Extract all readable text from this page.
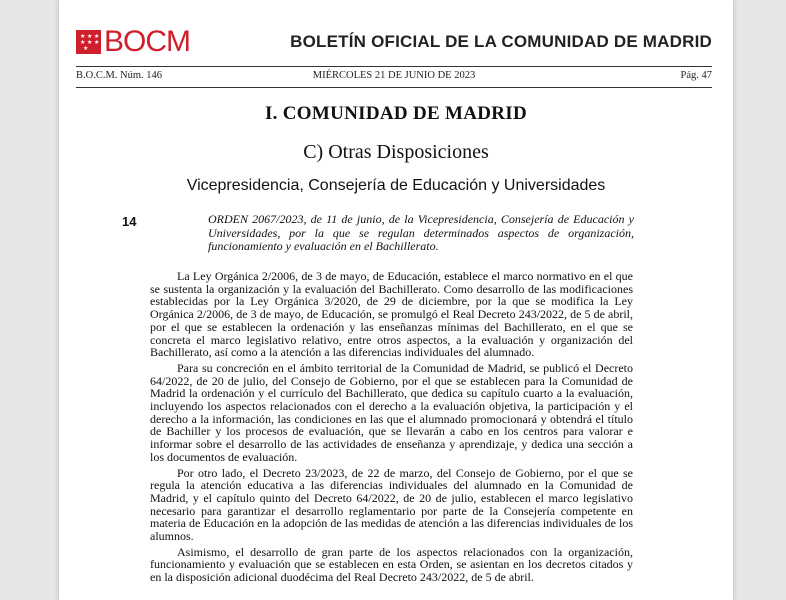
★ ★ ★
★ ★ ★
★ BOCM	BOLETÍN OFICIAL DE LA COMUNIDAD DE MADRID
B.O.C.M. Núm. 146	MIÉRCOLES 21 DE JUNIO DE 2023	Pág. 47
I. COMUNIDAD DE MADRID
C) Otras Disposiciones
Vicepresidencia, Consejería de Educación y Universidades
14	ORDEN 2067/2023, de 11 de junio, de la Vicepresidencia, Consejería de Educación y Universidades, por la que se regulan determinados aspectos de organización, funcionamiento y evaluación en el Bachillerato.

La Ley Orgánica 2/2006, de 3 de mayo, de Educación, establece el marco normativo en el que se sustenta la organización y la evaluación del Bachillerato. Como desarrollo de las modificaciones establecidas por la Ley Orgánica 3/2020, de 29 de diciembre, por la que se modifica la Ley Orgánica 2/2006, de 3 de mayo, de Educación, se promulgó el Real Decreto 243/2022, de 5 de abril, por el que se establecen la ordenación y las enseñanzas mínimas del Bachillerato, en el que se concreta el marco legislativo relativo, entre otros aspectos, a la evaluación y organización del Bachillerato, así como a la atención a las diferencias individuales del alumnado.

Para su concreción en el ámbito territorial de la Comunidad de Madrid, se publicó el Decreto 64/2022, de 20 de julio, del Consejo de Gobierno, por el que se establecen para la Comunidad de Madrid la ordenación y el currículo del Bachillerato, que dedica su capítulo cuarto a la evaluación, incluyendo los aspectos relacionados con el derecho a la evaluación objetiva, la participación y el derecho a la información, las condiciones en las que el alumnado promocionará y obtendrá el título de Bachiller y los procesos de evaluación, que se llevarán a cabo en los centros para valorar e informar sobre el desarrollo de las actividades de enseñanza y aprendizaje, y dedica una sección a los documentos de evaluación.

Por otro lado, el Decreto 23/2023, de 22 de marzo, del Consejo de Gobierno, por el que se regula la atención educativa a las diferencias individuales del alumnado en la Comunidad de Madrid, y el capítulo quinto del Decreto 64/2022, de 20 de julio, establecen el marco legislativo necesario para garantizar el desarrollo reglamentario por parte de la Consejería competente en materia de Educación en la adopción de las medidas de atención a las diferencias individuales de los alumnos.

Asimismo, el desarrollo de gran parte de los aspectos relacionados con la organización, funcionamiento y evaluación que se establecen en esta Orden, se asientan en los decretos citados y en la disposición adicional duodécima del Real Decreto 243/2022, de 5 de abril.
